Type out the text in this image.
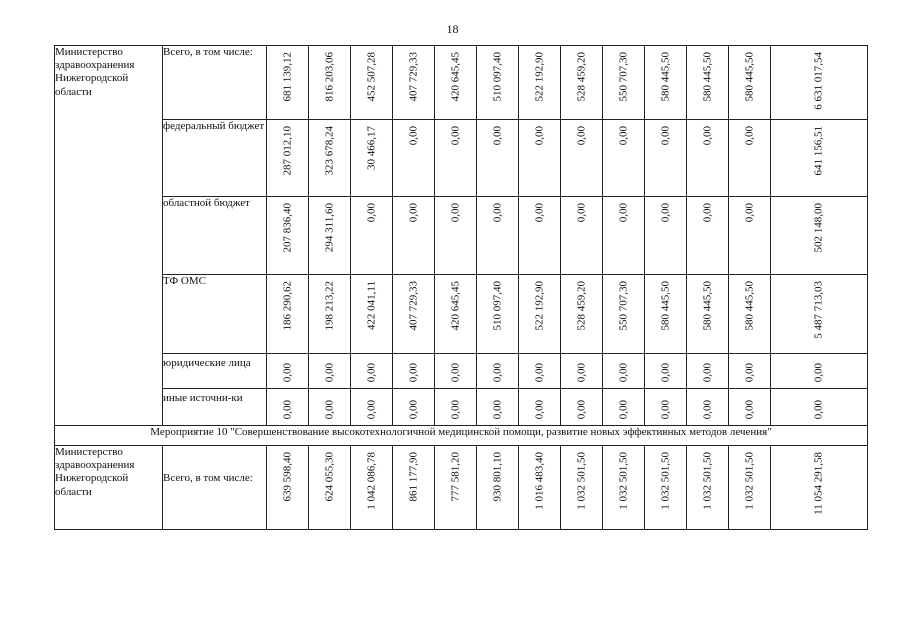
18
Министерство здравоохранения Нижегородской области	Всего, в том числе:	681 139,12	816 203,06	452 507,28	407 729,33	420 645,45	510 097,40	522 192,90	528 459,20	550 707,30	580 445,50	580 445,50	580 445,50	6 631 017,54

	федеральный бюджет	287 012,10	323 678,24	30 466,17	0,00	0,00	0,00	0,00	0,00	0,00	0,00	0,00	0,00	641 156,51

	областной бюджет	207 836,40	294 311,60	0,00	0,00	0,00	0,00	0,00	0,00	0,00	0,00	0,00	0,00	502 148,00

	ТФ ОМС	186 290,62	198 213,22	422 041,11	407 729,33	420 645,45	510 097,40	522 192,90	528 459,20	550 707,30	580 445,50	580 445,50	580 445,50	5 487 713,03

	юридические лица	0,00	0,00	0,00	0,00	0,00	0,00	0,00	0,00	0,00	0,00	0,00	0,00	0,00

	иные источни-ки	0,00	0,00	0,00	0,00	0,00	0,00	0,00	0,00	0,00	0,00	0,00	0,00	0,00

Мероприятие 10 "Совершенствование высокотехнологичной медицинской помощи, развитие новых эффективных методов лечения"														
Министерство здравоохранения Нижегородской области	Всего, в том числе:	639 598,40	624 055,30	1 042 086,78	861 177,90	777 581,20	930 801,10	1 016 483,40	1 032 501,50	1 032 501,50	1 032 501,50	1 032 501,50	1 032 501,50	11 054 291,58
